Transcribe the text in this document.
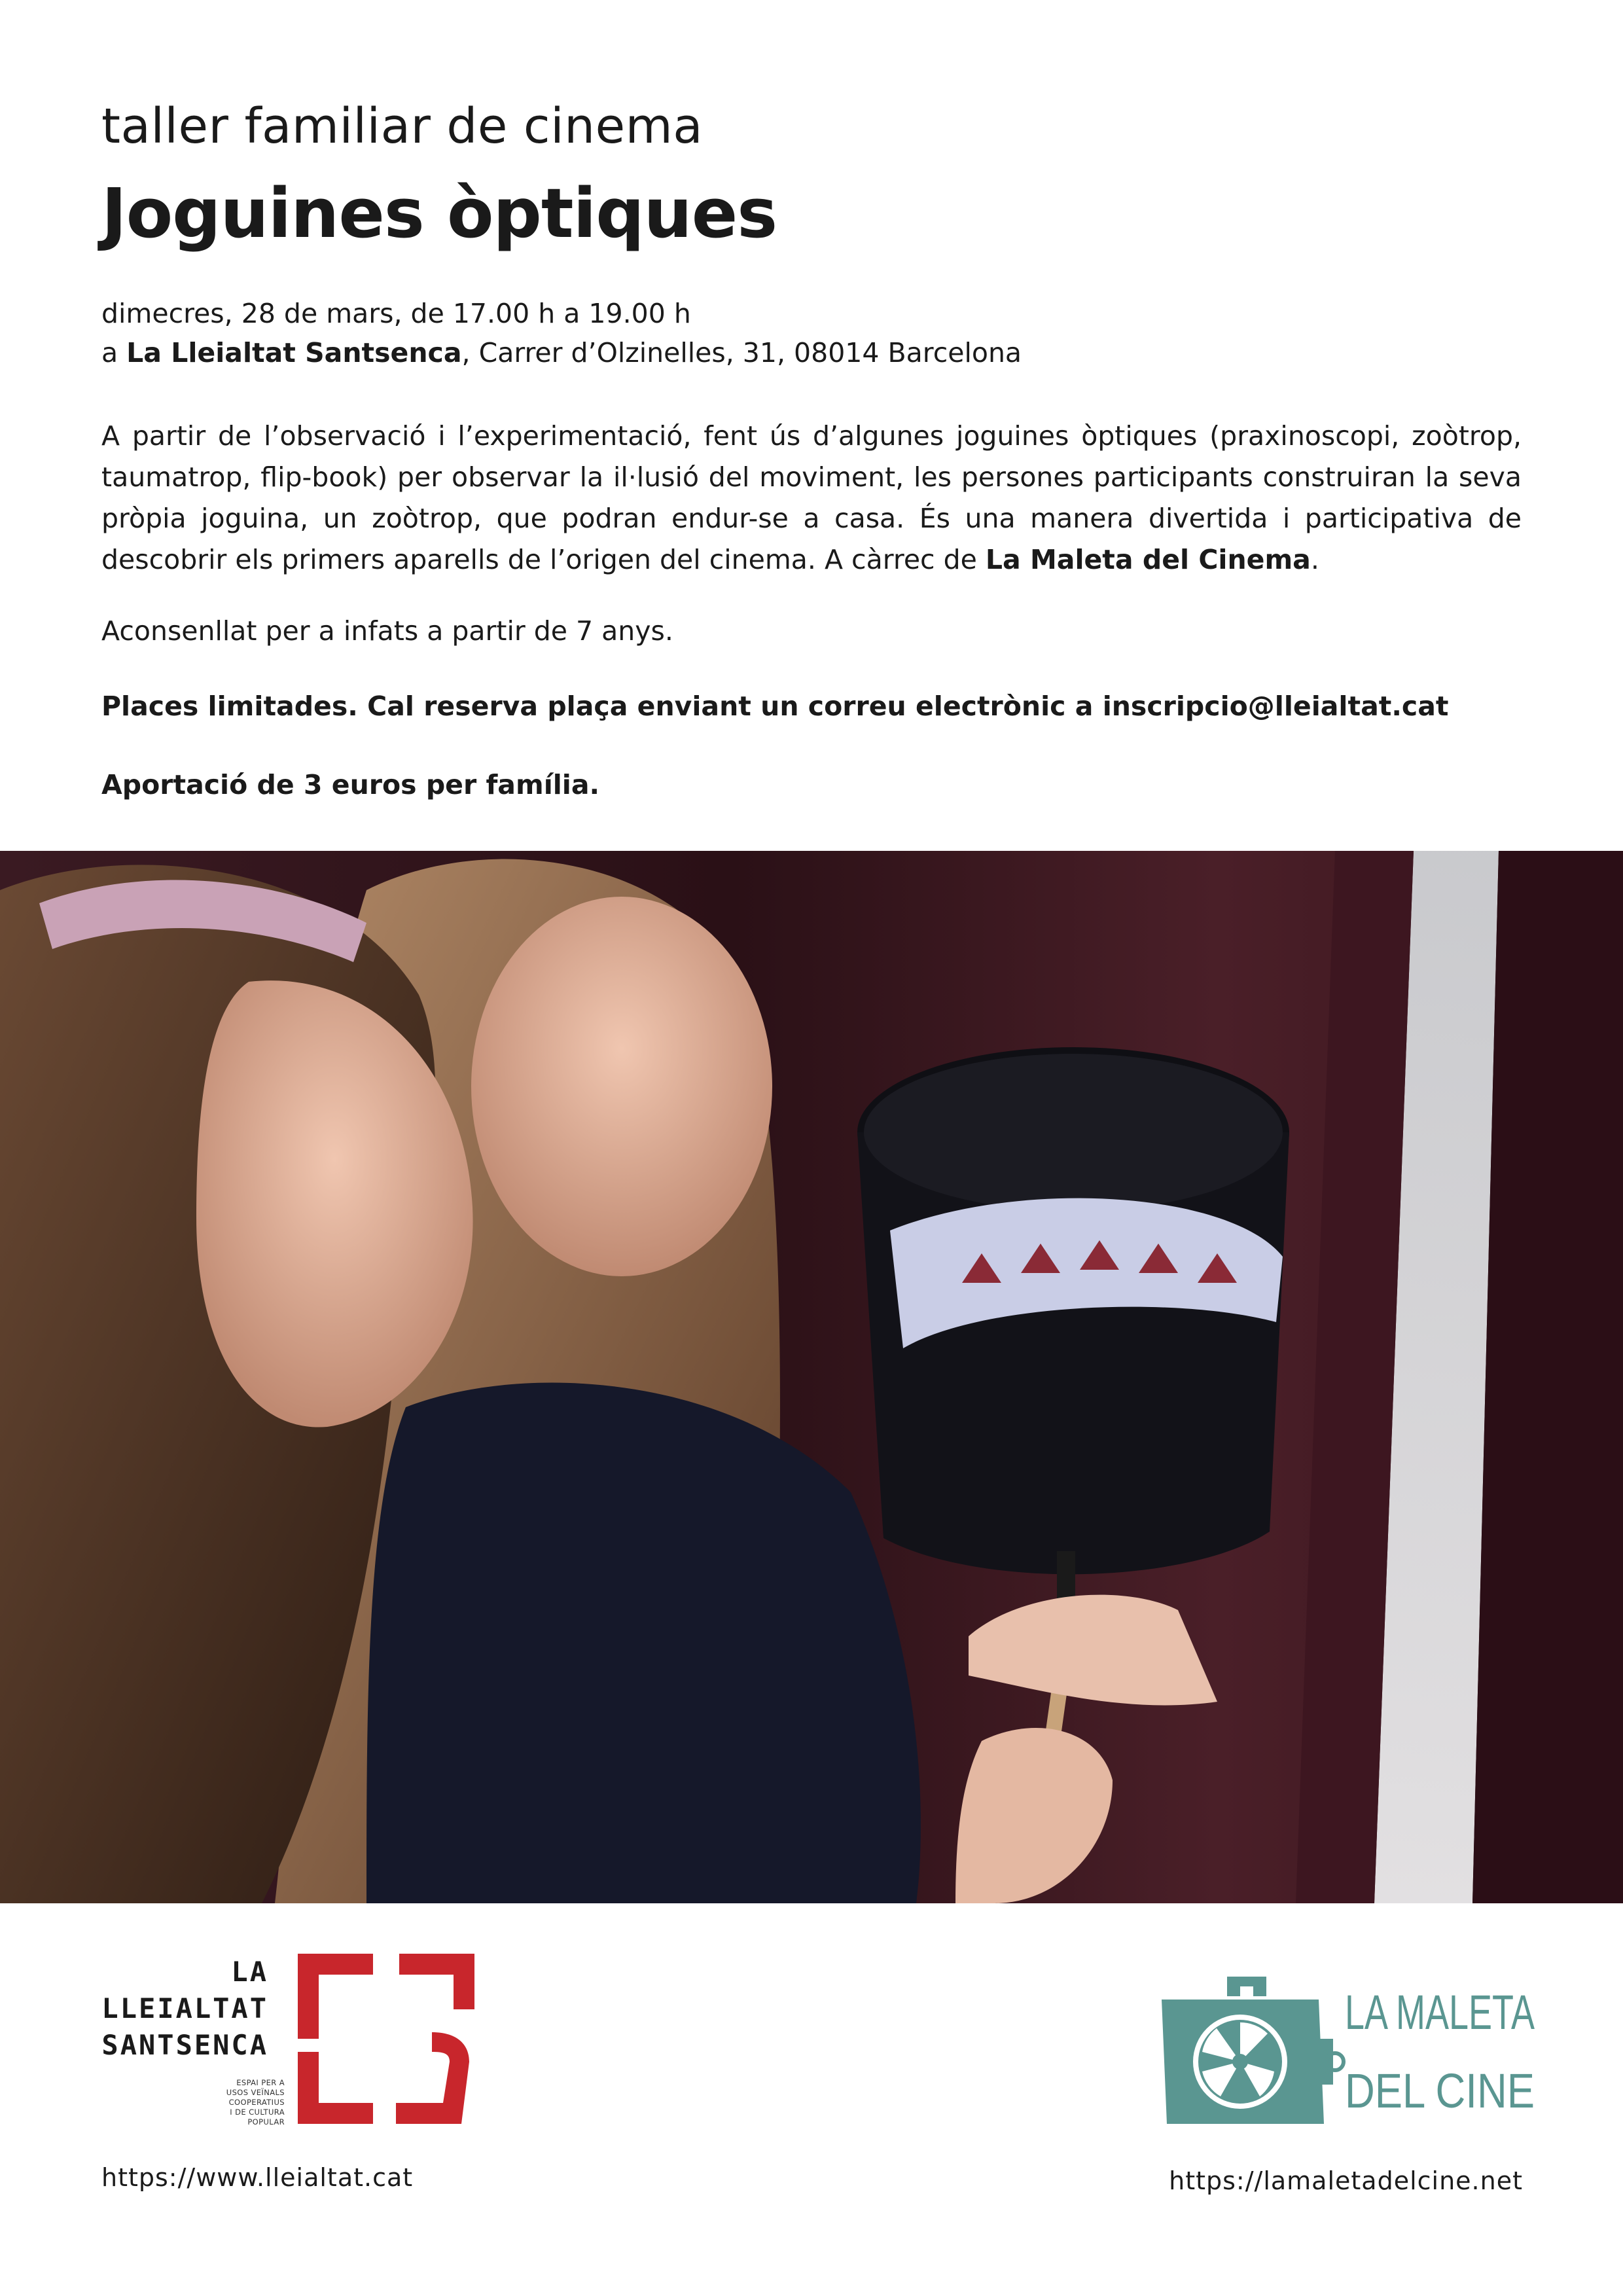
taller familiar de cinema
Joguines òptiques
dimecres, 28 de mars, de 17.00 h a 19.00 h
a La Lleialtat Santsenca, Carrer d’Olzinelles, 31, 08014 Barcelona
A partir de l’observació i l’experimentació, fent ús d’algunes joguines òptiques (praxinoscopi, zoòtrop, taumatrop, flip-book) per observar la il·lusió del moviment, les persones participants construiran la seva pròpia joguina, un zoòtrop, que podran endur-se a casa. És una manera divertida i participativa de descobrir els primers aparells de l’origen del cinema. A càrrec de La Maleta del Cinema.
Aconsenllat per a infats a partir de 7 anys.
Places limitades. Cal reserva plaça enviant un correu electrònic a inscripcio@lleialtat.cat
Aportació de 3 euros per família.
LA
LLEIALTAT
SANTSENCA
ESPAI PER A
USOS VEÏNALS
COOPERATIUS
I DE CULTURA
POPULAR
LA MALETA
DEL CINE
https://www.lleialtat.cat	https://lamaletadelcine.net
